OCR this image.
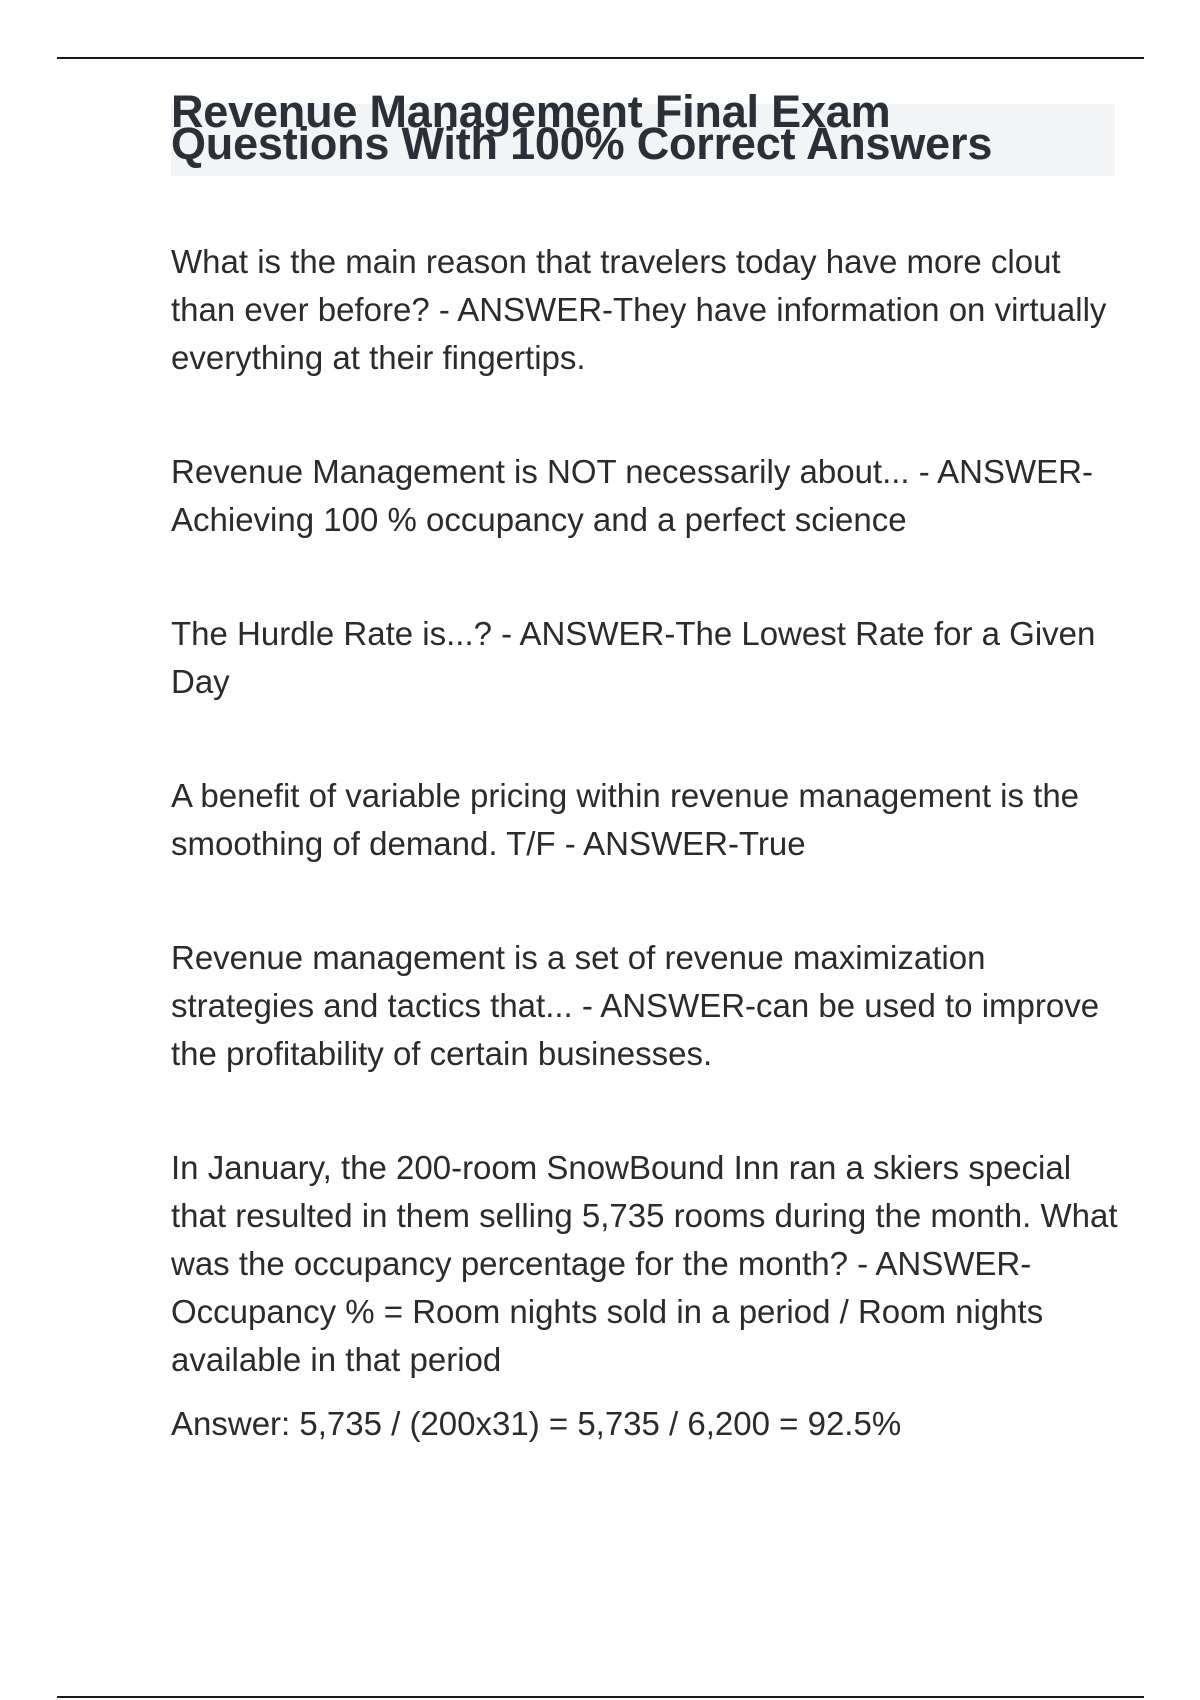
Revenue Management Final Exam Questions With 100% Correct Answers

What is the main reason that travelers today have more clout than ever before? - ANSWER-They have information on virtually everything at their fingertips.

Revenue Management is NOT necessarily about... - ANSWER-Achieving 100 % occupancy and a perfect science

The Hurdle Rate is...? - ANSWER-The Lowest Rate for a Given Day

A benefit of variable pricing within revenue management is the smoothing of demand. T/F - ANSWER-True

Revenue management is a set of revenue maximization strategies and tactics that... - ANSWER-can be used to improve the profitability of certain businesses.

In January, the 200-room SnowBound Inn ran a skiers special that resulted in them selling 5,735 rooms during the month. What was the occupancy percentage for the month? - ANSWER-Occupancy % = Room nights sold in a period / Room nights available in that period

Answer: 5,735 / (200x31) = 5,735 / 6,200 = 92.5%
